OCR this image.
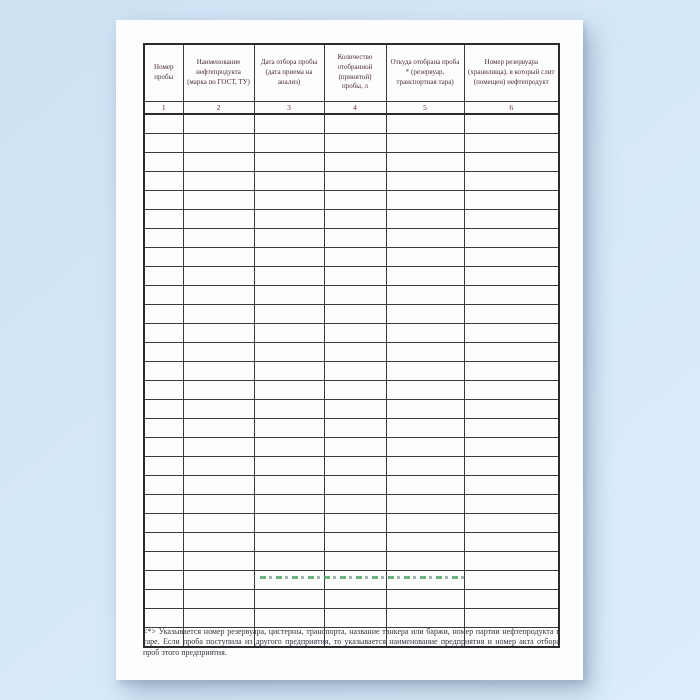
Номер пробы	Наименование нефтепродукта (марка по ГОСТ, ТУ)	Дата отбора пробы (дата приема на анализ)	Количество отобранной (принятой) пробы, л	Откуда отобрана проба * (резервуар, транспортная тара)	Номер резервуара (хранилища), в который слит (помещен) нефтепродукт
1	2	3	4	5	6

<*> Указывается номер резервуара, цистерны, транспорта, название танкера или баржи, номер партии нефтепродукта в таре. Если проба поступила из другого предприятия, то указывается наименование предприятия и номер акта отбора проб этого предприятия.
